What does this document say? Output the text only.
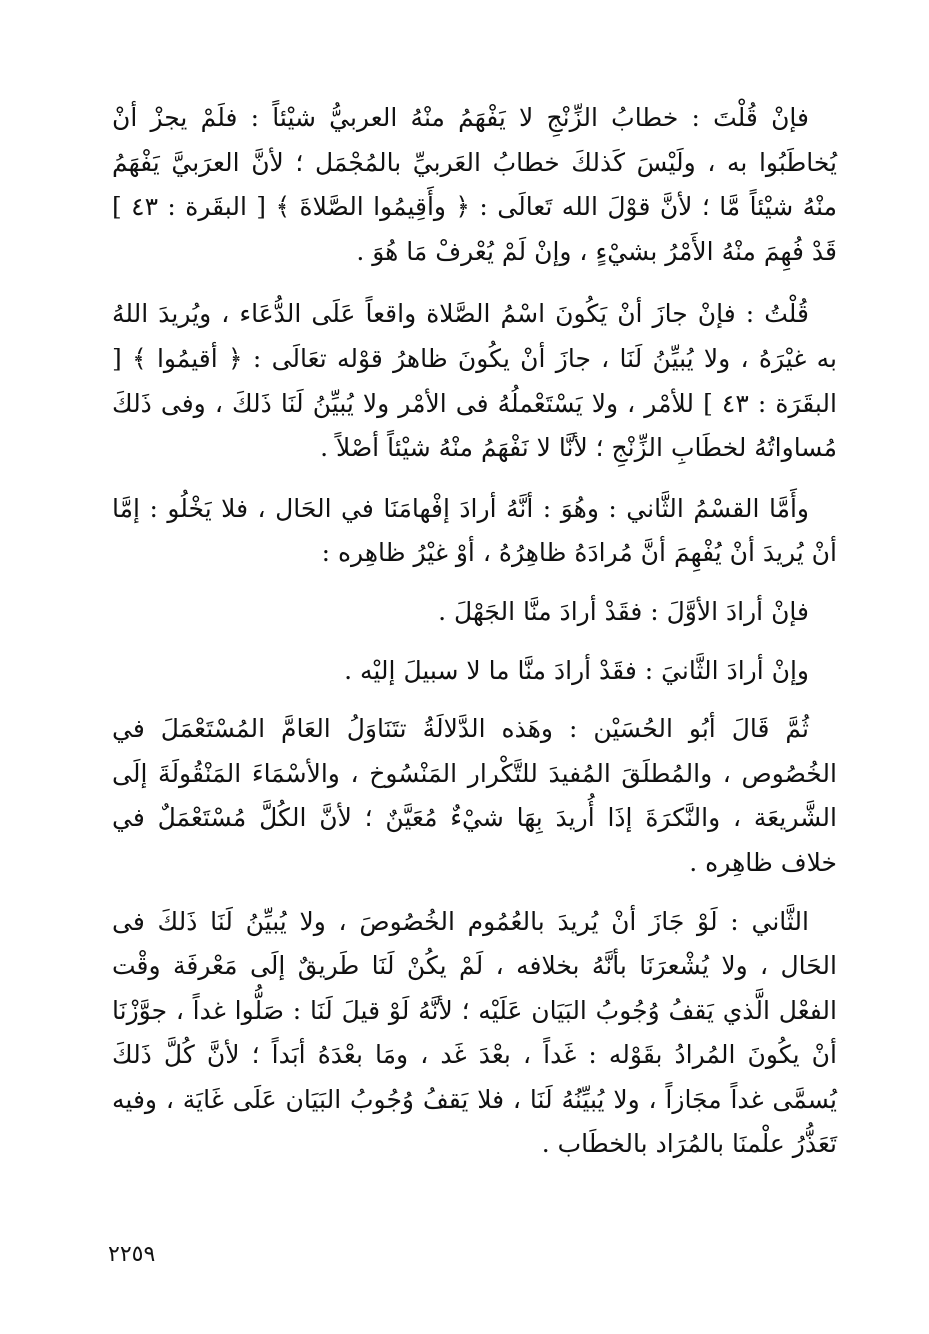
فإنْ قُلْتَ : خطابُ الزِّنْجِ لا يَفْهَمُ منْهُ العربيُّ شيْئاً : فلَمْ يجزْ أنْ يُخاطَبُوا به ، ولَيْسَ كَذلكَ خطابُ العَربيِّ بالمُجْمَل ؛ لأنَّ العرَبيَّ يَفْهَمُ منْهُ شيْئاً مَّا ؛ لأنَّ قوْلَ الله تَعالَى : ﴿ وأَقِيمُوا الصَّلاةَ ﴾ [ البقَرة : ٤٣ ] قَدْ فُهِمَ منْهُ الأَمْرُ بشيْءٍ ، وإنْ لَمْ يُعْرفْ مَا هُوَ .

قُلْتُ : فإنْ جازَ أنْ يَكُونَ اسْمُ الصَّلاة واقعاً عَلَى الدُّعَاء ، ويُريدَ اللهُ به غيْرَهُ ، ولا يُبيِّنُ لَنَا ، جازَ أنْ يكُونَ ظاهرُ قوْله تعَالَى : ﴿ أقيمُوا ﴾ [ البقَرَة : ٤٣ ] للأمْر ، ولا يَسْتَعْملُهُ فى الأمْر ولا يُبيِّنُ لَنَا ذَلكَ ، وفى ذَلكَ مُساواتُهُ لخطَابِ الزِّنْجِ ؛ لأنَّا لا نَفْهَمُ منْهُ شيْئاً أصْلاً .

وأَمَّا القسْمُ الثَّاني : وهُوَ : أنَّهُ أرادَ إفْهامَنَا في الحَال ، فلا يَخْلُو : إمَّا أنْ يُريدَ أنْ يُفْهِمَ أنَّ مُرادَهُ ظاهِرُهُ ، أوْ غيْرُ ظاهِره :

فإنْ أرادَ الأوَّلَ : فقَدْ أرادَ منَّا الجَهْلَ .

وإنْ أرادَ الثَّانيَ : فقَدْ أرادَ منَّا ما لا سبيلَ إليْه .

ثُمَّ قَالَ أبُو الحُسَيْن : وهَذه الدَّلالَةُ تتَنَاوَلُ العَامَّ المُسْتَعْمَلَ في الخُصُوص ، والمُطلَقَ المُفيدَ للتَّكْرار المَنْسُوخ ، والأسْمَاءَ المَنْقُولَةَ إلَى الشَّريعَة ، والنَّكرَةَ إذَا أُريدَ بِهَا شيْءٌ مُعَيَّنٌ ؛ لأنَّ الكُلَّ مُسْتَعْمَلٌ في خلاف ظاهِره .

الثَّاني : لَوْ جَازَ أنْ يُريدَ بالعُمُوم الخُصُوصَ ، ولا يُبيِّنُ لَنَا ذَلكَ فى الحَال ، ولا يُشْعرَنَا بأنَّهُ بخلافه ، لَمْ يكُنْ لَنَا طَريقٌ إلَى مَعْرفَة وقْت الفعْل الَّذي يَقفُ وُجُوبُ البَيَان عَلَيْه ؛ لأنَّهُ لَوْ قيلَ لَنَا : صَلُّوا غداً ، جوَّزْنَا أنْ يكُونَ المُرادُ بقَوْله : غَداً ، بعْدَ غَد ، ومَا بعْدَهُ أبَداً ؛ لأنَّ كُلَّ ذَلكَ يُسمَّى غداً مجَازاً ، ولا يُبيِّنُهُ لَنَا ، فلا يَقفُ وُجُوبُ البَيَان عَلَى غَايَة ، وفيه تَعَذُّرُ علْمنَا بالمُرَاد بالخطَاب .

٢٢٥٩
